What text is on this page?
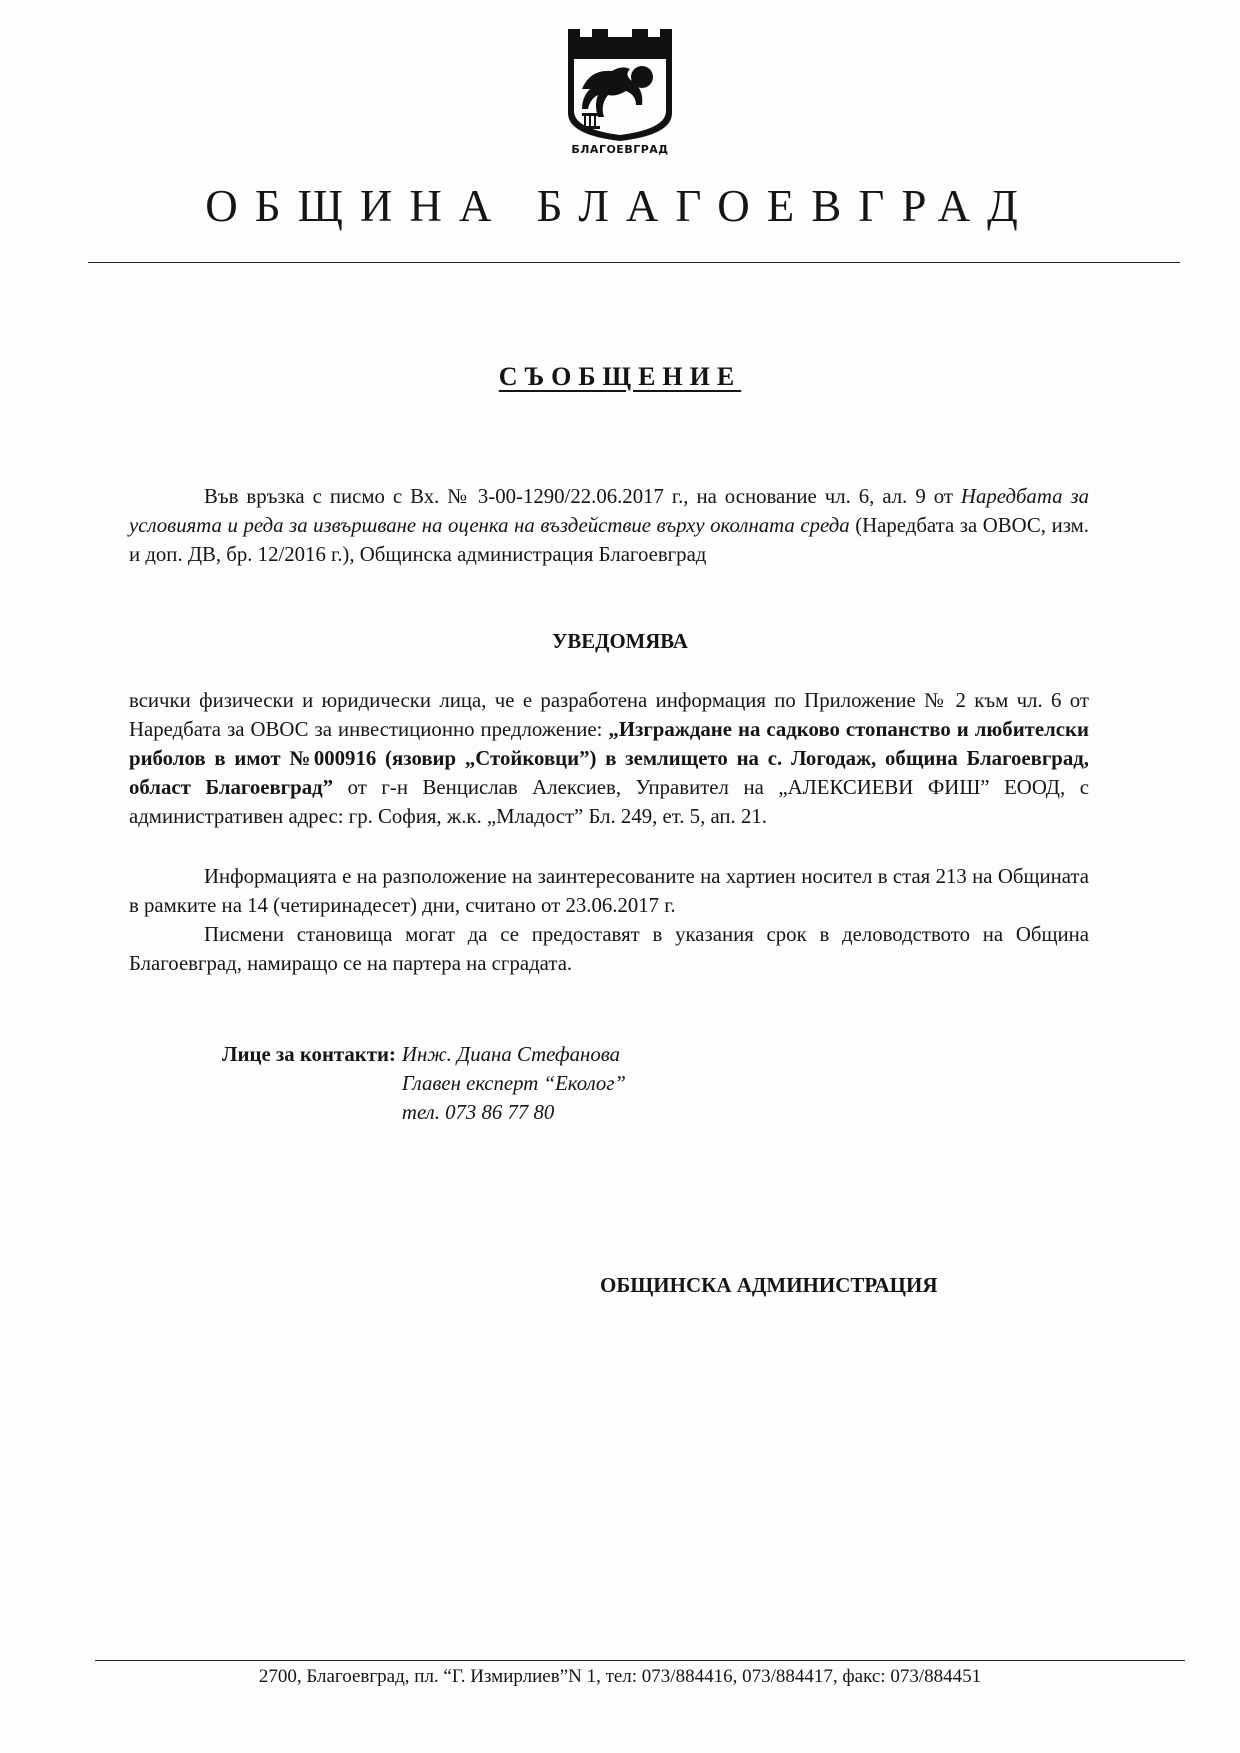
БЛАГОЕВГРАД
ОБЩИНА БЛАГОЕВГРАД
СЪОБЩЕНИЕ

Във връзка с писмо с Вх. № 3-00-1290/22.06.2017 г., на основание чл. 6, ал. 9 от Наредбата за условията и реда за извършване на оценка на въздействие върху околната среда (Наредбата за ОВОС, изм. и доп. ДВ, бр. 12/2016 г.), Общинска администрация Благоевград

УВЕДОМЯВА

всички физически и юридически лица, че е разработена информация по Приложение № 2 към чл. 6 от Наредбата за ОВОС за инвестиционно предложение: „Изграждане на садково стопанство и любителски риболов в имот №000916 (язовир „Стойковци”) в землището на с. Логодаж, община Благоевград, област Благоевград” от г-н Венцислав Алексиев, Управител на „АЛЕКСИЕВИ ФИШ” ЕООД, с административен адрес: гр. София, ж.к. „Младост” Бл. 249, ет. 5, ап. 21.

Информацията е на разположение на заинтересованите на хартиен носител в стая 213 на Общината в рамките на 14 (четиринадесет) дни, считано от 23.06.2017 г.

Писмени становища могат да се предоставят в указания срок в деловодството на Община Благоевград, намиращо се на партера на сградата.

Лице за контакти: Инж. Диана Стефанова
Главен експерт “Еколог”
тел. 073 86 77 80

ОБЩИНСКА АДМИНИСТРАЦИЯ

2700, Благоевград, пл. “Г. Измирлиев”N 1, тел: 073/884416, 073/884417, факс: 073/884451
